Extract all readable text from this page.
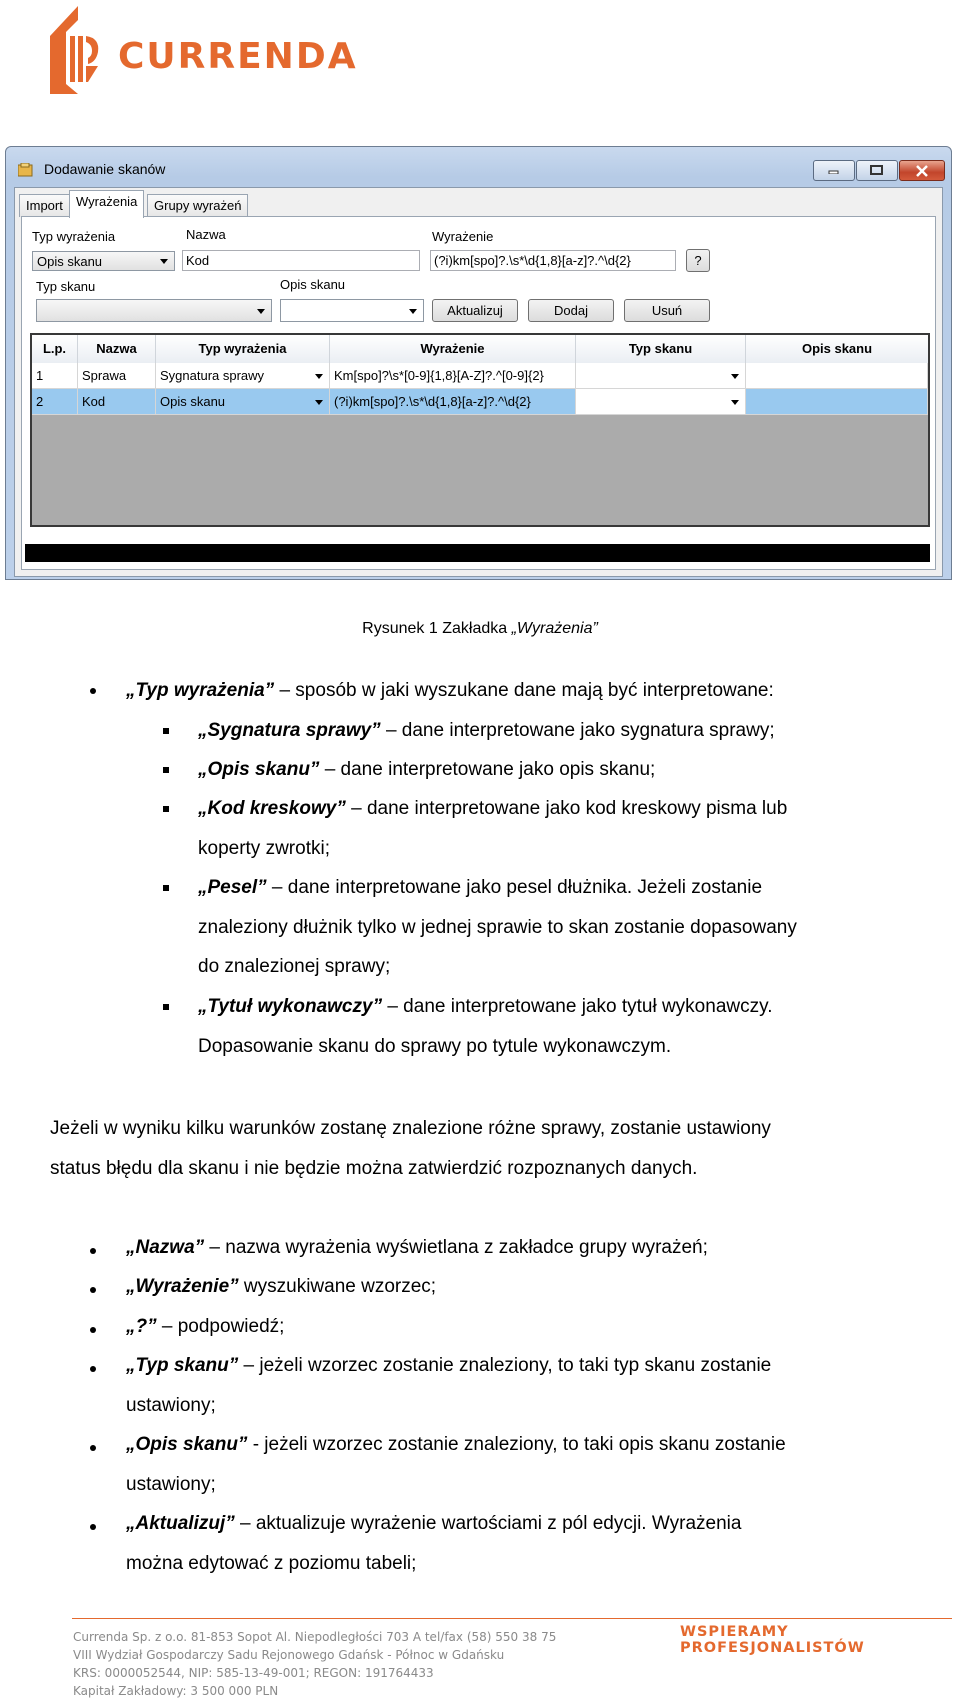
CURRENDA
Dodawanie skanów
Import	Wyrażenia	Grupy wyrażeń
Typ wyrażenia
Opis skanu
Nazwa
Kod
Wyrażenie
(?i)km[spo]?.\s*\d{1,8}[a-z]?.^\d{2}	?
Typ skanu	Opis skanu
Aktualizuj	Dodaj	Usuń
L.p.	Nazwa	Typ wyrażenia	Wyrażenie	Typ skanu	Opis skanu
1	Sprawa	Sygnatura sprawy	Km[spo]?\s*[0-9]{1,8}[A-Z]?.^[0-9]{2}
2	Kod	Opis skanu	(?i)km[spo]?.\s*\d{1,8}[a-z]?.^\d{2}
Rysunek 1 Zakładka „Wyrażenia”
„Typ wyrażenia” – sposób w jaki wyszukane dane mają być interpretowane:
„Sygnatura sprawy” – dane interpretowane jako sygnatura sprawy;
„Opis skanu” – dane interpretowane jako opis skanu;
„Kod kreskowy” – dane interpretowane jako kod kreskowy pisma lub
koperty zwrotki;
„Pesel” – dane interpretowane jako pesel dłużnika. Jeżeli zostanie
znaleziony dłużnik tylko w jednej sprawie to skan zostanie dopasowany
do znalezionej sprawy;
„Tytuł wykonawczy” – dane interpretowane jako tytuł wykonawczy.
Dopasowanie skanu do sprawy po tytule wykonawczym.
Jeżeli w wyniku kilku warunków zostanę znalezione różne sprawy, zostanie ustawiony
status błędu dla skanu i nie będzie można zatwierdzić rozpoznanych danych.
„Nazwa” – nazwa wyrażenia wyświetlana z zakładce grupy wyrażeń;
„Wyrażenie” wyszukiwane wzorzec;
„?” – podpowiedź;
„Typ skanu” – jeżeli wzorzec zostanie znaleziony, to taki typ skanu zostanie
ustawiony;
„Opis skanu” - jeżeli wzorzec zostanie znaleziony, to taki opis skanu zostanie
ustawiony;
„Aktualizuj” – aktualizuje wyrażenie wartościami z pól edycji. Wyrażenia
można edytować z poziomu tabeli;
Currenda Sp. z o.o. 81-853 Sopot Al. Niepodległości 703 A tel/fax (58) 550 38 75
VIII Wydział Gospodarczy Sadu Rejonowego Gdańsk - Północ w Gdańsku
KRS: 0000052544, NIP: 585-13-49-001; REGON: 191764433
Kapitał Zakładowy: 3 500 000 PLN
WSPIERAMY PROFESJONALISTÓW
